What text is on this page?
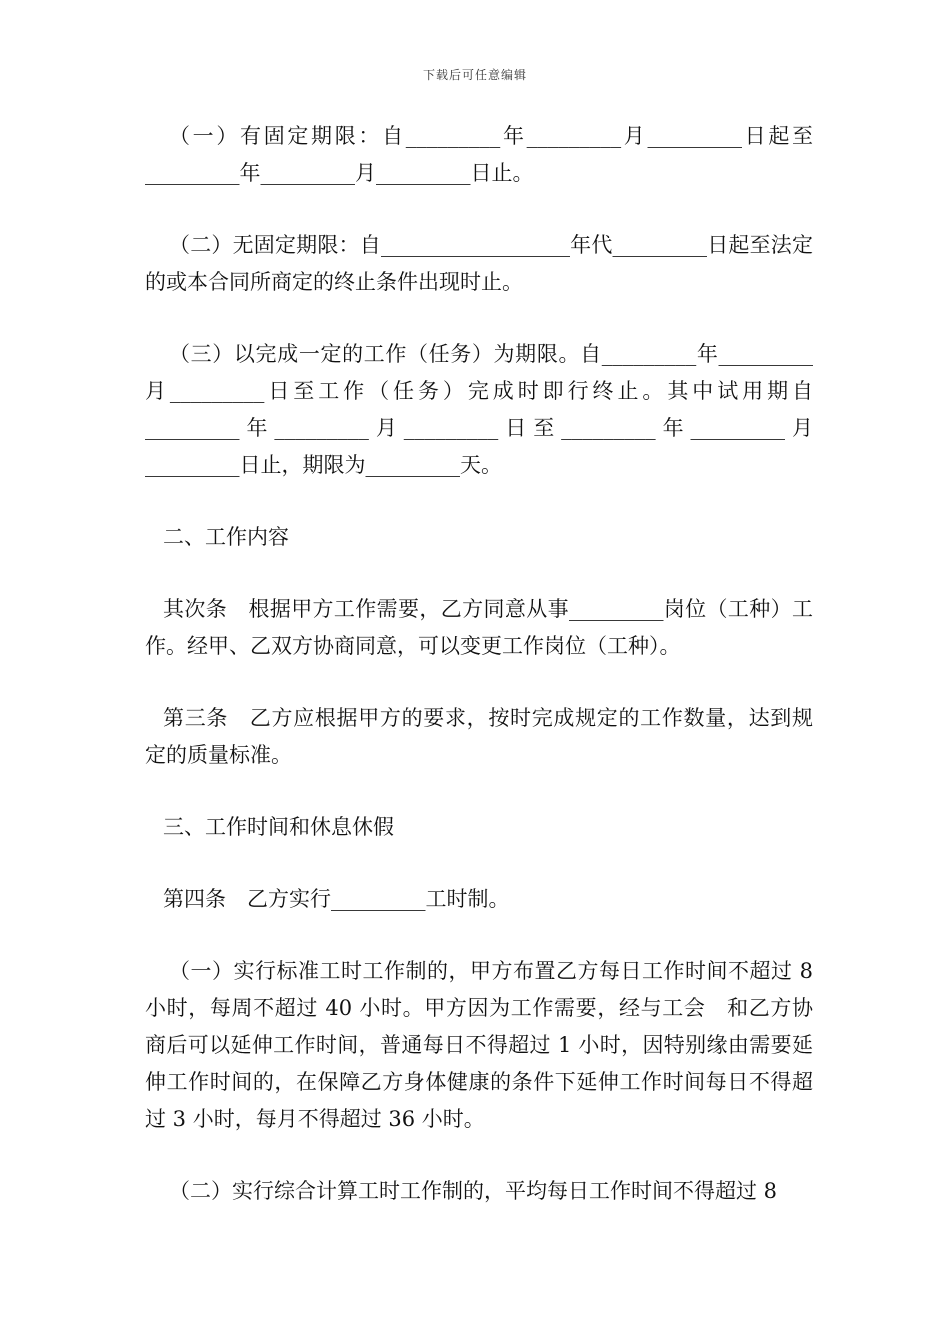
下载后可任意编辑

（一）有固定期限：自_________年_________月_________日起至_________年_________月_________日止。

（二）无固定期限：自__________________年代_________日起至法定的或本合同所商定的终止条件出现时止。

（三）以完成一定的工作（任务）为期限。自_________年_________月_________日至工作（任务）完成时即行终止。其中试用期自_________年_________月_________日至_________年_________月_________日止，期限为_________天。

二、工作内容

其次条　根据甲方工作需要，乙方同意从事_________岗位（工种）工作。经甲、乙双方协商同意，可以变更工作岗位（工种）。

第三条　乙方应根据甲方的要求，按时完成规定的工作数量，达到规定的质量标准。

三、工作时间和休息休假

第四条　乙方实行_________工时制。

（一）实行标准工时工作制的，甲方布置乙方每日工作时间不超过 8 小时，每周不超过 40 小时。甲方因为工作需要，经与工会　和乙方协商后可以延伸工作时间，普通每日不得超过 1 小时，因特别缘由需要延伸工作时间的，在保障乙方身体健康的条件下延伸工作时间每日不得超过 3 小时，每月不得超过 36 小时。

（二）实行综合计算工时工作制的，平均每日工作时间不得超过 8
